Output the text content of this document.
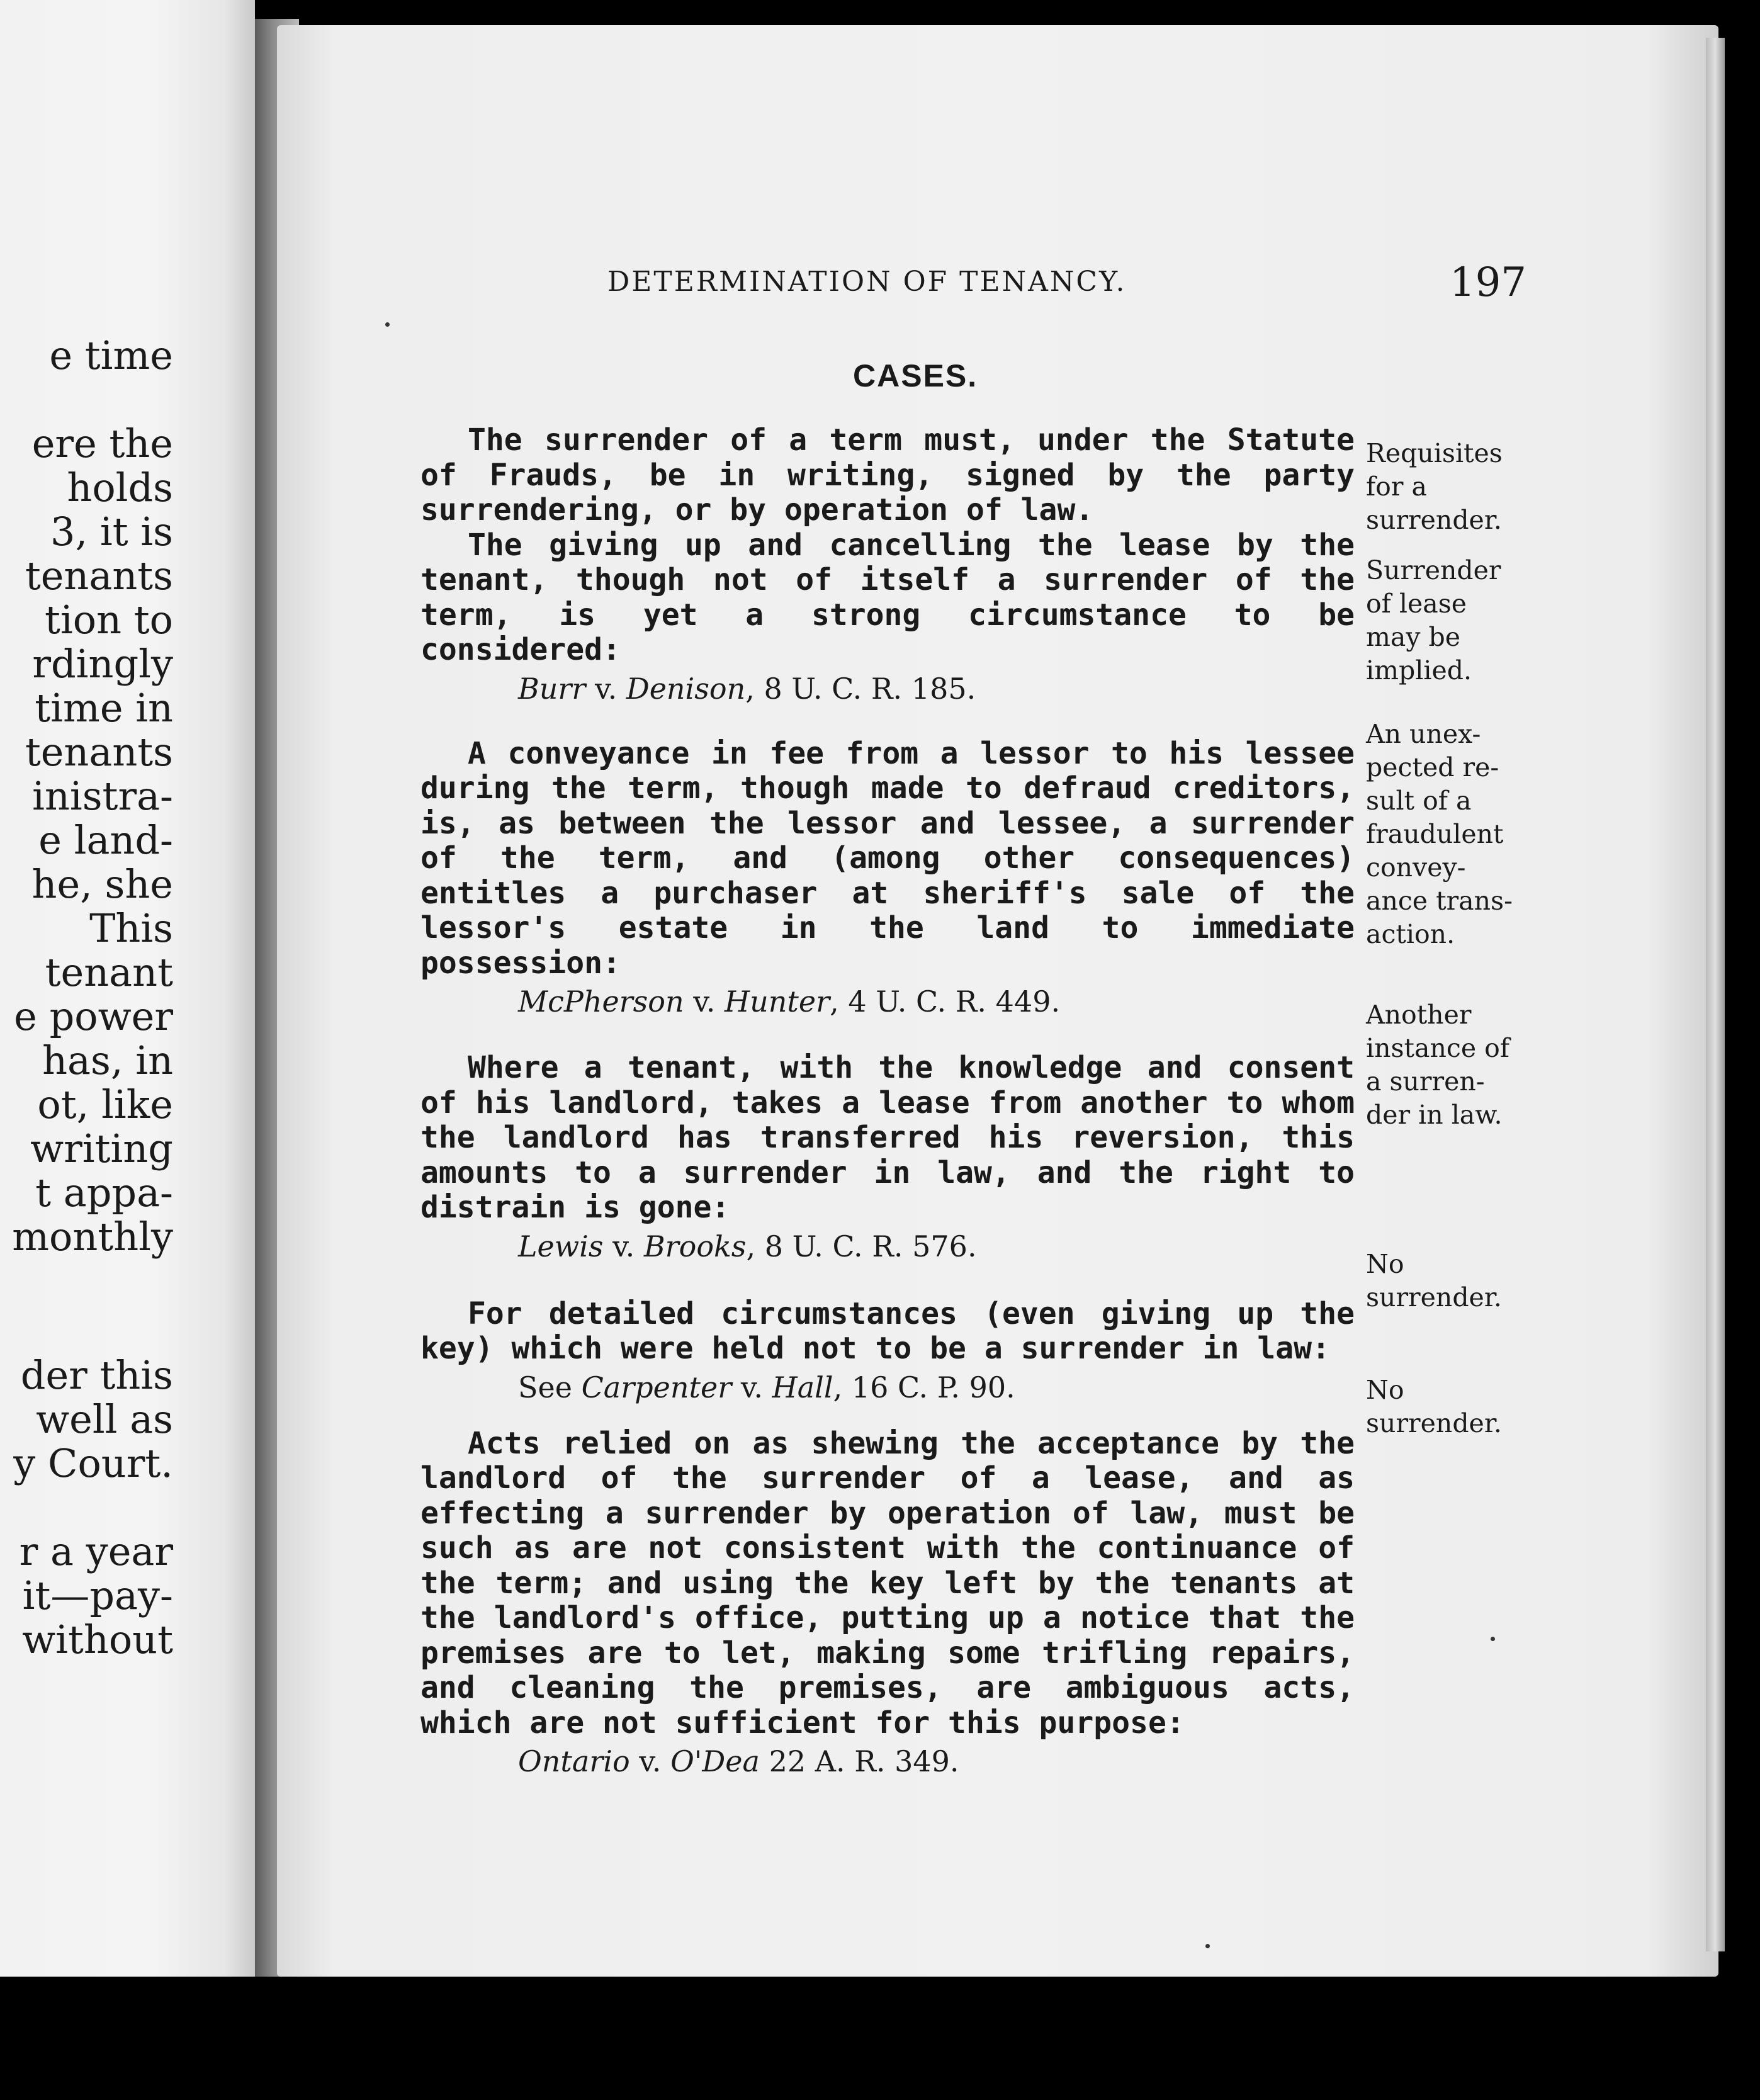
e time
ere the
holds
3, it is
tenants
tion to
rdingly
time in
tenants
inistra-
e land-
he, she
This
tenant
e power
has, in
ot, like
writing
t appa-
monthly
der this
well as
y Court.
r a year
it—pay-
without
DETERMINATION OF TENANCY.	197
CASES.

The surrender of a term must, under the Statute of Frauds, be in writing, signed by the party surrendering, or by operation of law.

The giving up and cancelling the lease by the tenant, though not of itself a surrender of the term, is yet a strong circumstance to be considered:

Burr v. Denison, 8 U. C. R. 185.

A conveyance in fee from a lessor to his lessee during the term, though made to defraud creditors, is, as between the lessor and lessee, a surrender of the term, and (among other consequences) entitles a purchaser at sheriff's sale of the lessor's estate in the land to immediate possession:

McPherson v. Hunter, 4 U. C. R. 449.

Where a tenant, with the knowledge and consent of his landlord, takes a lease from another to whom the landlord has transferred his reversion, this amounts to a surrender in law, and the right to distrain is gone:

Lewis v. Brooks, 8 U. C. R. 576.

For detailed circumstances (even giving up the key) which were held not to be a surrender in law:

See Carpenter v. Hall, 16 C. P. 90.

Acts relied on as shewing the acceptance by the landlord of the surrender of a lease, and as effecting a surrender by operation of law, must be such as are not consistent with the continuance of the term; and using the key left by the tenants at the landlord's office, putting up a notice that the premises are to let, making some trifling repairs, and cleaning the premises, are ambiguous acts, which are not sufficient for this purpose:

Ontario v. O'Dea 22 A. R. 349.

Requisites
for a
surrender.
Surrender
of lease
may be
implied.
An unex-
pected re-
sult of a
fraudulent
convey-
ance trans-
action.
Another
instance of
a surren-
der in law.
No
surrender.
No
surrender.
